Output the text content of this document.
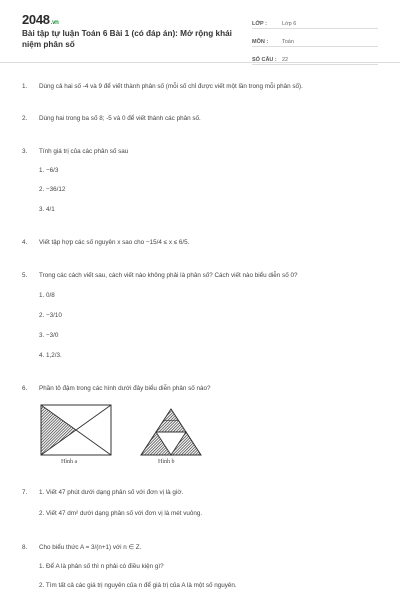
2048.vn
Bài tập tự luận Toán 6 Bài 1 (có đáp án): Mở rộng khái niệm phân số
LỚP :	Lớp 6
MÔN :	Toán
SỐ CÂU : 22
1.	Dùng cả hai số -4 và 9 để viết thành phân số (mỗi số chỉ được viết một lần trong mỗi phân số).
2.	Dùng hai trong ba số 8; -5 và 0 để viết thành các phân số.
3.	Tính giá trị của các phân số sau
1. −6/3
2. −36/12
3. 4/1
4.	Viết tập hợp các số nguyên x sao cho −15/4 ≤ x ≤ 6/5.
5.	Trong các cách viết sau, cách viết nào không phải là phân số? Cách viết nào biểu diễn số 0?
1. 0/8
2. −3/10
3. −3/0
4. 1,2/3.
6.	Phần tô đậm trong các hình dưới đây biểu diễn phân số nào?
Hình a	Hình b
7.	1. Viết 47 phút dưới dạng phân số với đơn vị là giờ.
2. Viết 47 dm² dưới dạng phân số với đơn vị là mét vuông.
8.	Cho biểu thức A = 3/(n+1) với n ∈ Z.
1. Để A là phân số thì n phải có điều kiện gì?
2. Tìm tất cả các giá trị nguyên của n để giá trị của A là một số nguyên.
